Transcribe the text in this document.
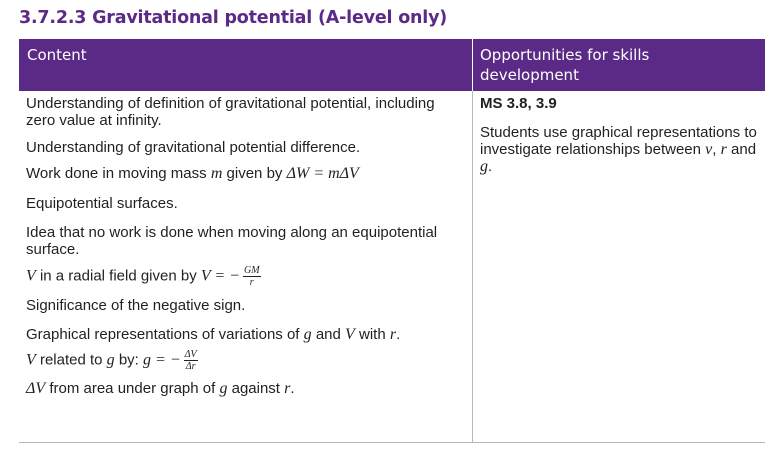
3.7.2.3 Gravitational potential (A-level only)
Content	Opportunities for skills development

Understanding of definition of gravitational potential, including zero value at infinity.

Understanding of gravitational potential difference.

Work done in moving mass m given by ΔW = mΔV

Equipotential surfaces.

Idea that no work is done when moving along an equipotential surface.

V in a radial field given by V = − $\frac{GM}{r}$

Significance of the negative sign.

Graphical representations of variations of g and V with r.

V related to g by: g = − $\frac{\Delta V}{\Delta r}$

ΔV from area under graph of g against r.

MS 3.8, 3.9

Students use graphical representations to investigate relationships between v, r and g.
